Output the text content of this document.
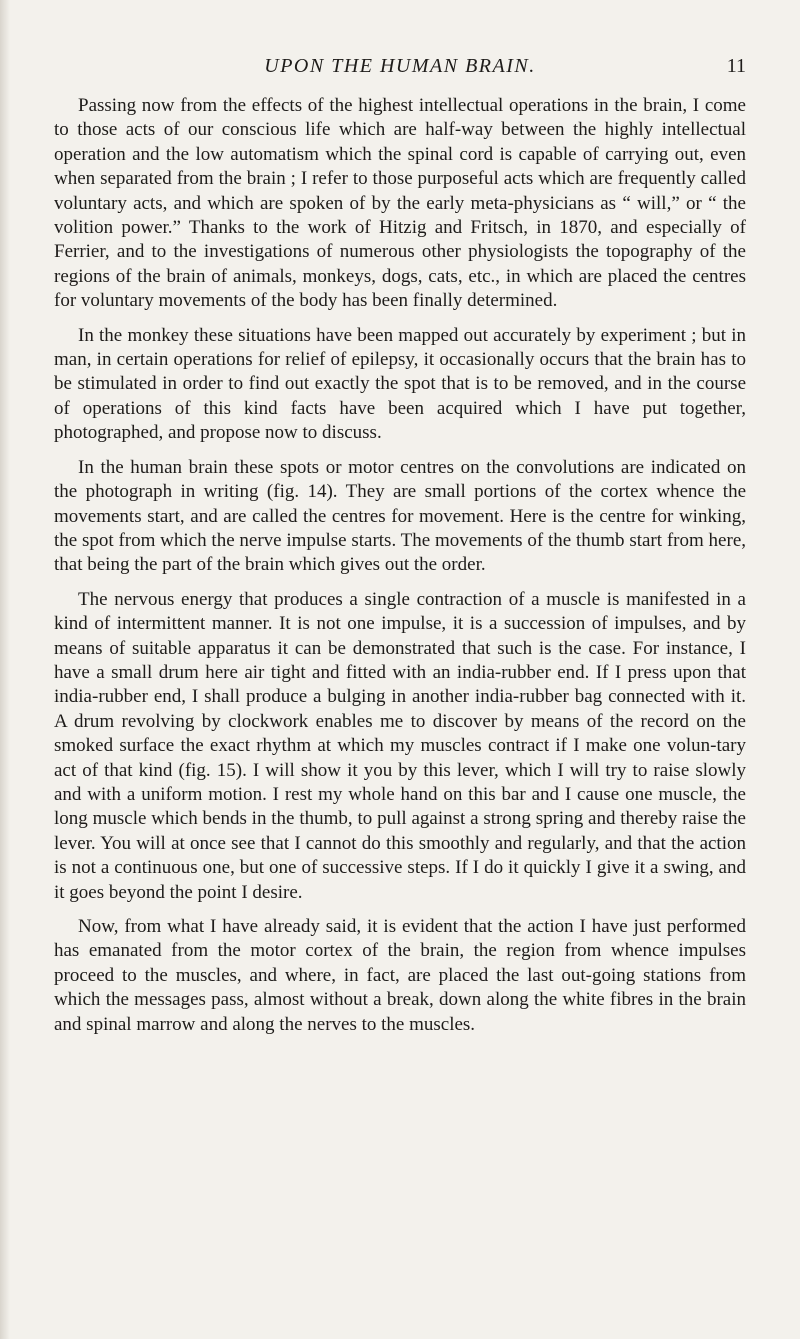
UPON THE HUMAN BRAIN.	11

Passing now from the effects of the highest intellectual operations in the brain, I come to those acts of our conscious life which are half-way between the highly intellectual operation and the low automatism which the spinal cord is capable of carrying out, even when separated from the brain ; I refer to those purposeful acts which are frequently called voluntary acts, and which are spoken of by the early meta-physicians as “ will,” or “ the volition power.” Thanks to the work of Hitzig and Fritsch, in 1870, and especially of Ferrier, and to the investigations of numerous other physiologists the topography of the regions of the brain of animals, monkeys, dogs, cats, etc., in which are placed the centres for voluntary movements of the body has been finally determined.

In the monkey these situations have been mapped out accurately by experiment ; but in man, in certain operations for relief of epilepsy, it occasionally occurs that the brain has to be stimulated in order to find out exactly the spot that is to be removed, and in the course of operations of this kind facts have been acquired which I have put together, photographed, and propose now to discuss.

In the human brain these spots or motor centres on the convolutions are indicated on the photograph in writing (fig. 14). They are small portions of the cortex whence the movements start, and are called the centres for movement. Here is the centre for winking, the spot from which the nerve impulse starts. The movements of the thumb start from here, that being the part of the brain which gives out the order.

The nervous energy that produces a single contraction of a muscle is manifested in a kind of intermittent manner. It is not one impulse, it is a succession of impulses, and by means of suitable apparatus it can be demonstrated that such is the case. For instance, I have a small drum here air tight and fitted with an india-rubber end. If I press upon that india-rubber end, I shall produce a bulging in another india-rubber bag connected with it. A drum revolving by clockwork enables me to discover by means of the record on the smoked surface the exact rhythm at which my muscles contract if I make one volun-tary act of that kind (fig. 15). I will show it you by this lever, which I will try to raise slowly and with a uniform motion. I rest my whole hand on this bar and I cause one muscle, the long muscle which bends in the thumb, to pull against a strong spring and thereby raise the lever. You will at once see that I cannot do this smoothly and regularly, and that the action is not a continuous one, but one of successive steps. If I do it quickly I give it a swing, and it goes beyond the point I desire.

Now, from what I have already said, it is evident that the action I have just performed has emanated from the motor cortex of the brain, the region from whence impulses proceed to the muscles, and where, in fact, are placed the last out-going stations from which the messages pass, almost without a break, down along the white fibres in the brain and spinal marrow and along the nerves to the muscles.
